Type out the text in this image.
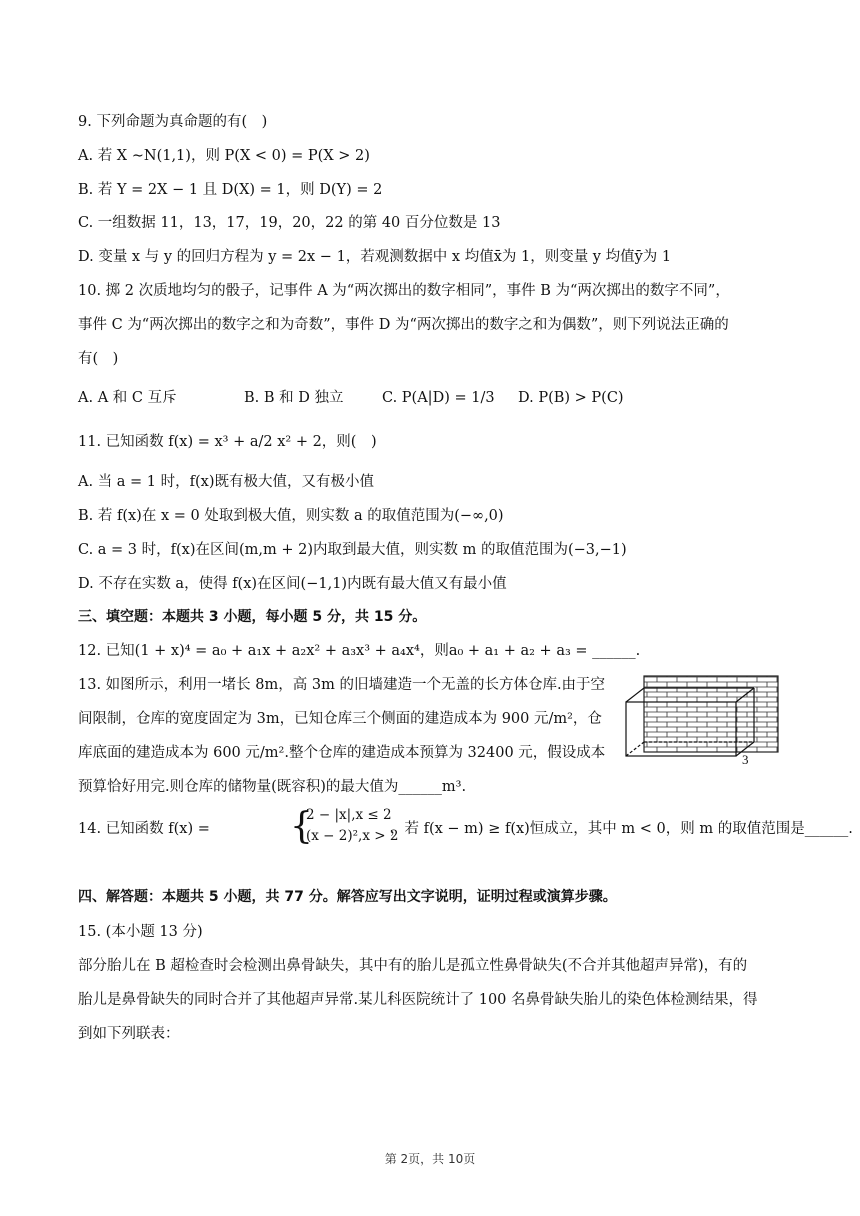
9. 下列命题为真命题的有(　)
A. 若 X ∼N(1,1)，则 P(X < 0) = P(X > 2)
B. 若 Y = 2X − 1 且 D(X) = 1，则 D(Y) = 2
C. 一组数据 11，13，17，19，20，22 的第 40 百分位数是 13
D. 变量 x 与 y 的回归方程为 y = 2x − 1，若观测数据中 x 均值x̄为 1，则变量 y 均值ȳ为 1
10. 掷 2 次质地均匀的骰子，记事件 A 为“两次掷出的数字相同”，事件 B 为“两次掷出的数字不同”，
事件 C 为“两次掷出的数字之和为奇数”，事件 D 为“两次掷出的数字之和为偶数”，则下列说法正确的
有(　)
A. A 和 C 互斥	B. B 和 D 独立	C. P(A|D) = 1/3 D. P(B) > P(C)
11. 已知函数 f(x) = x³ + a/2 x² + 2，则(　)
A. 当 a = 1 时，f(x)既有极大值，又有极小值
B. 若 f(x)在 x = 0 处取到极大值，则实数 a 的取值范围为(−∞,0)
C. a = 3 时，f(x)在区间(m,m + 2)内取到最大值，则实数 m 的取值范围为(−3,−1)
D. 不存在实数 a，使得 f(x)在区间(−1,1)内既有最大值又有最小值
三、填空题：本题共 3 小题，每小题 5 分，共 15 分。
12. 已知(1 + x)⁴ = a₀ + a₁x + a₂x² + a₃x³ + a₄x⁴，则a₀ + a₁ + a₂ + a₃ = ______.
13. 如图所示，利用一堵长 8m，高 3m 的旧墙建造一个无盖的长方体仓库.由于空
间限制，仓库的宽度固定为 3m，已知仓库三个侧面的建造成本为 900 元/m²，仓
库底面的建造成本为 600 元/m².整个仓库的建造成本预算为 32400 元，假设成本
预算恰好用完.则仓库的储物量(既容积)的最大值为______m³.
3
14. 已知函数 f(x) = {
2 − |x|,x ≤ 2
(x − 2)²,x > 2
，若 f(x − m) ≥ f(x)恒成立，其中 m < 0，则 m 的取值范围是______.
四、解答题：本题共 5 小题，共 77 分。解答应写出文字说明，证明过程或演算步骤。
15. (本小题 13 分)
部分胎儿在 B 超检查时会检测出鼻骨缺失，其中有的胎儿是孤立性鼻骨缺失(不合并其他超声异常)，有的
胎儿是鼻骨缺失的同时合并了其他超声异常.某儿科医院统计了 100 名鼻骨缺失胎儿的染色体检测结果，得
到如下列联表：
第 2页，共 10页
